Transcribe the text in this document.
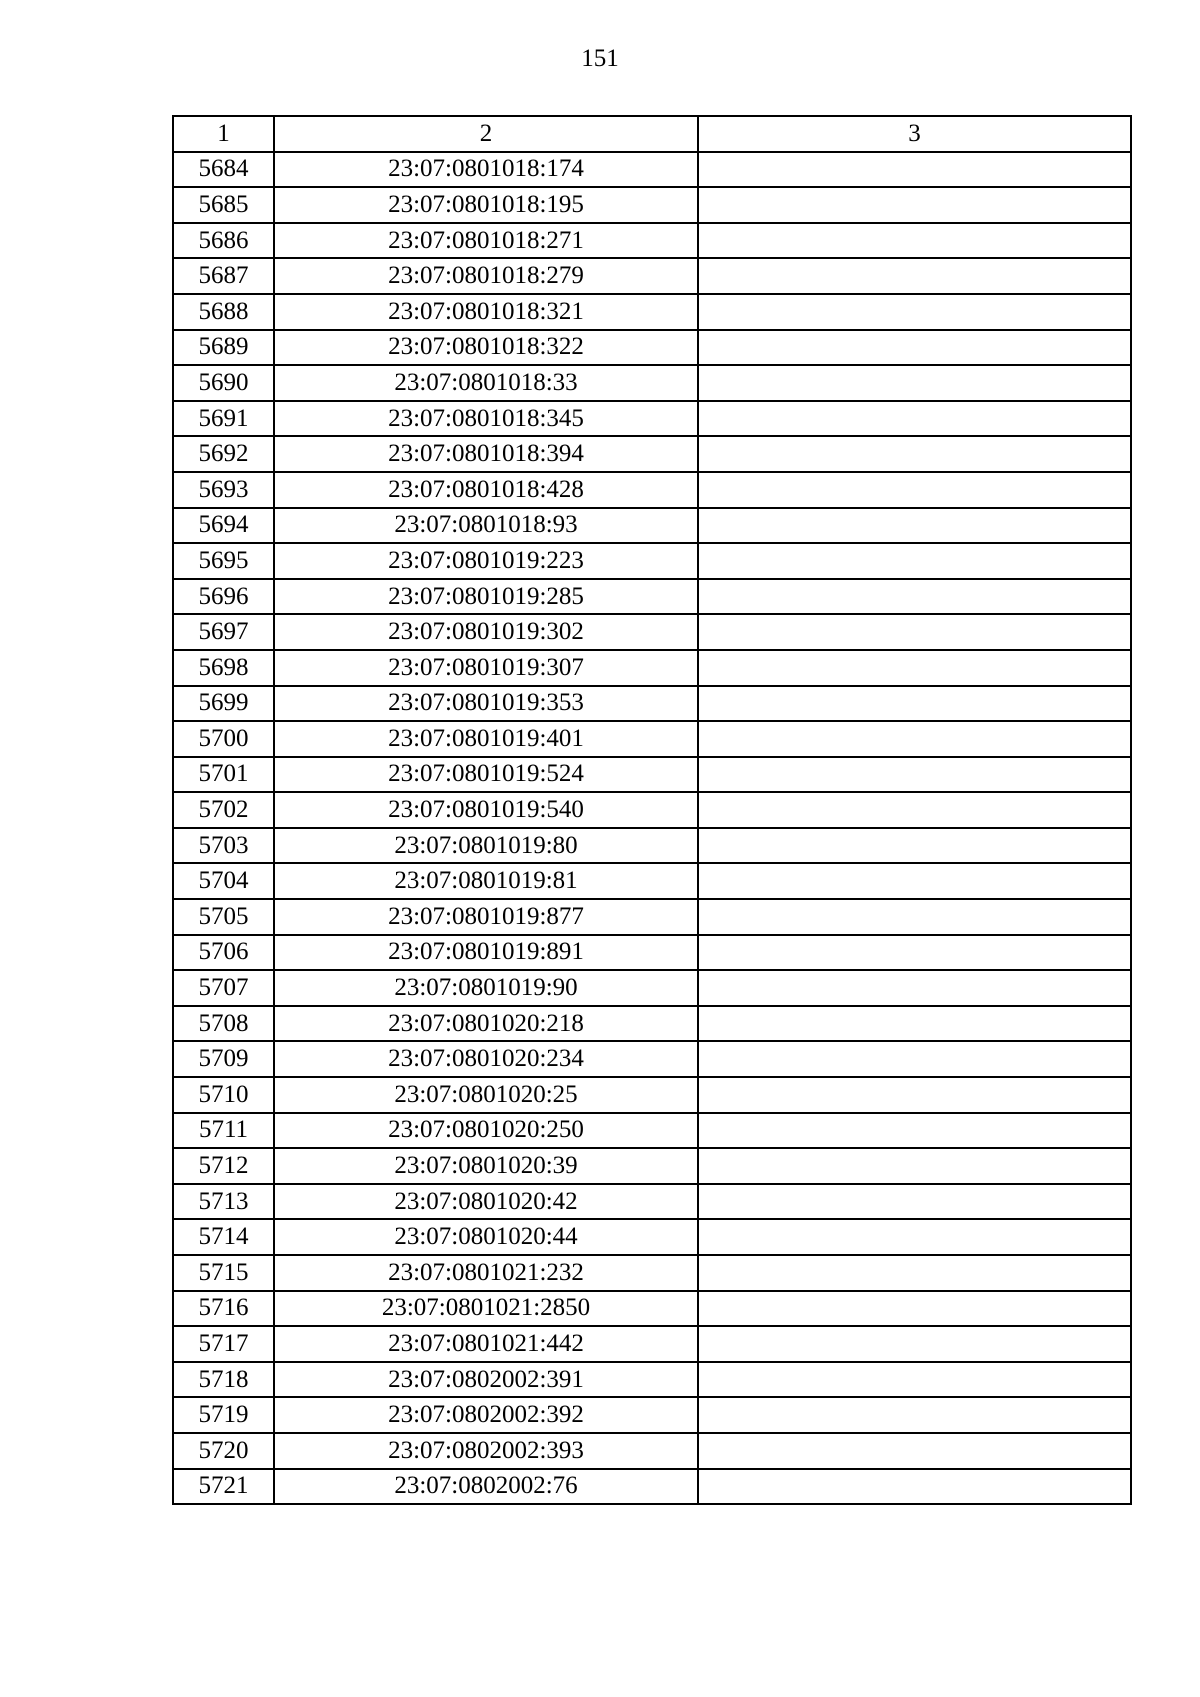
151
1	2	3
5684	23:07:0801018:174	
5685	23:07:0801018:195	
5686	23:07:0801018:271	
5687	23:07:0801018:279	
5688	23:07:0801018:321	
5689	23:07:0801018:322	
5690	23:07:0801018:33	
5691	23:07:0801018:345	
5692	23:07:0801018:394	
5693	23:07:0801018:428	
5694	23:07:0801018:93	
5695	23:07:0801019:223	
5696	23:07:0801019:285	
5697	23:07:0801019:302	
5698	23:07:0801019:307	
5699	23:07:0801019:353	
5700	23:07:0801019:401	
5701	23:07:0801019:524	
5702	23:07:0801019:540	
5703	23:07:0801019:80	
5704	23:07:0801019:81	
5705	23:07:0801019:877	
5706	23:07:0801019:891	
5707	23:07:0801019:90	
5708	23:07:0801020:218	
5709	23:07:0801020:234	
5710	23:07:0801020:25	
5711	23:07:0801020:250	
5712	23:07:0801020:39	
5713	23:07:0801020:42	
5714	23:07:0801020:44	
5715	23:07:0801021:232	
5716	23:07:0801021:2850	
5717	23:07:0801021:442	
5718	23:07:0802002:391	
5719	23:07:0802002:392	
5720	23:07:0802002:393	
5721	23:07:0802002:76	
